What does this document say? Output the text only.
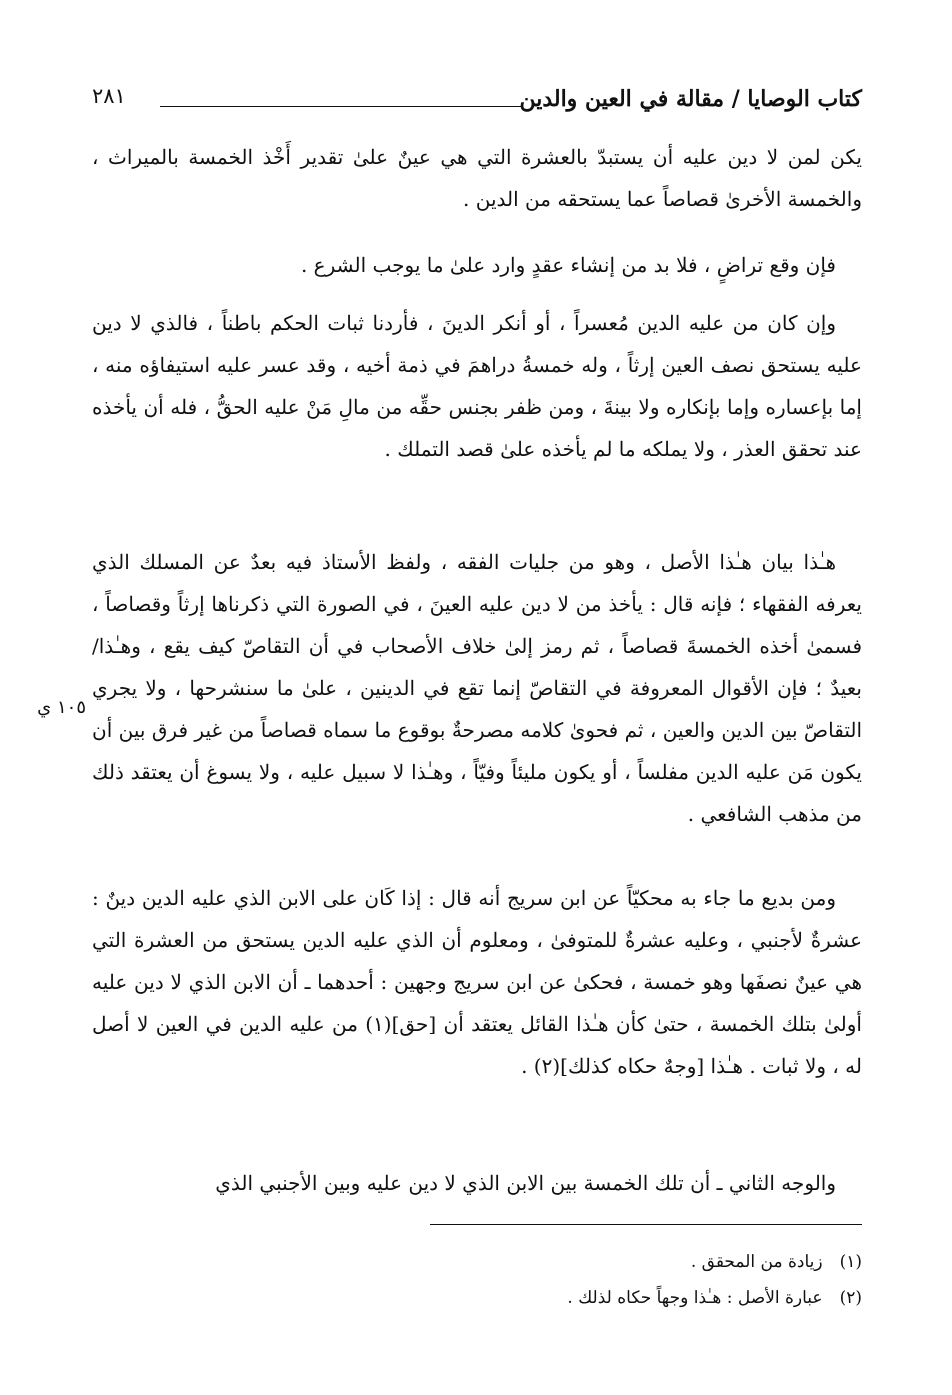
كتاب الوصايا / مقالة في العين والدين
٢٨١
يكن لمن لا دين عليه أن يستبدّ بالعشرة التي هي عينٌ علىٰ تقدير أَخْذ الخمسة بالميراث ، والخمسة الأخرىٰ قصاصاً عما يستحقه من الدين .
فإن وقع تراضٍ ، فلا بد من إنشاء عقدٍ وارد علىٰ ما يوجب الشرع .
وإن كان من عليه الدين مُعسراً ، أو أنكر الدينَ ، فأردنا ثبات الحكم باطناً ، فالذي لا دين عليه يستحق نصف العين إرثاً ، وله خمسةُ دراهمَ في ذمة أخيه ، وقد عسر عليه استيفاؤه منه ، إما بإعساره وإما بإنكاره ولا بينةَ ، ومن ظفر بجنس حقِّه من مالِ مَنْ عليه الحقُّ ، فله أن يأخذه عند تحقق العذر ، ولا يملكه ما لم يأخذه علىٰ قصد التملك .
هـٰذا بيان هـٰذا الأصل ، وهو من جليات الفقه ، ولفظ الأستاذ فيه بعدٌ عن المسلك الذي يعرفه الفقهاء ؛ فإنه قال : يأخذ من لا دين عليه العينَ ، في الصورة التي ذكرناها إرثاً وقصاصاً ، فسمىٰ أخذه الخمسةَ قصاصاً ، ثم رمز إلىٰ خلاف الأصحاب في أن التقاصّ كيف يقع ، وهـٰذا/ بعيدٌ ؛ فإن الأقوال المعروفة في التقاصّ إنما تقع في الدينين ، علىٰ ما سنشرحها ، ولا يجري التقاصّ بين الدين والعين ، ثم فحوىٰ كلامه مصرحةٌ بوقوع ما سماه قصاصاً من غير فرق بين أن يكون مَن عليه الدين مفلساً ، أو يكون مليئاً وفيّاً ، وهـٰذا لا سبيل عليه ، ولا يسوغ أن يعتقد ذلك من مذهب الشافعي .
ومن بديع ما جاء به محكيّاً عن ابن سريج أنه قال : إذا كَان على الابن الذي عليه الدين دينٌ : عشرةٌ لأجنبي ، وعليه عشرةٌ للمتوفىٰ ، ومعلوم أن الذي عليه الدين يستحق من العشرة التي هي عينٌ نصفَها وهو خمسة ، فحكىٰ عن ابن سريج وجهين : أحدهما ـ أن الابن الذي لا دين عليه أولىٰ بتلك الخمسة ، حتىٰ كأن هـٰذا القائل يعتقد أن [حق](١) من عليه الدين في العين لا أصل له ، ولا ثبات . هـٰذا [وجهٌ حكاه كذلك](٢) .
والوجه الثاني ـ أن تلك الخمسة بين الابن الذي لا دين عليه وبين الأجنبي الذي
١٠٥ ي
(١) زيادة من المحقق .
(٢) عبارة الأصل : هـٰذا وجهاً حكاه لذلك .
